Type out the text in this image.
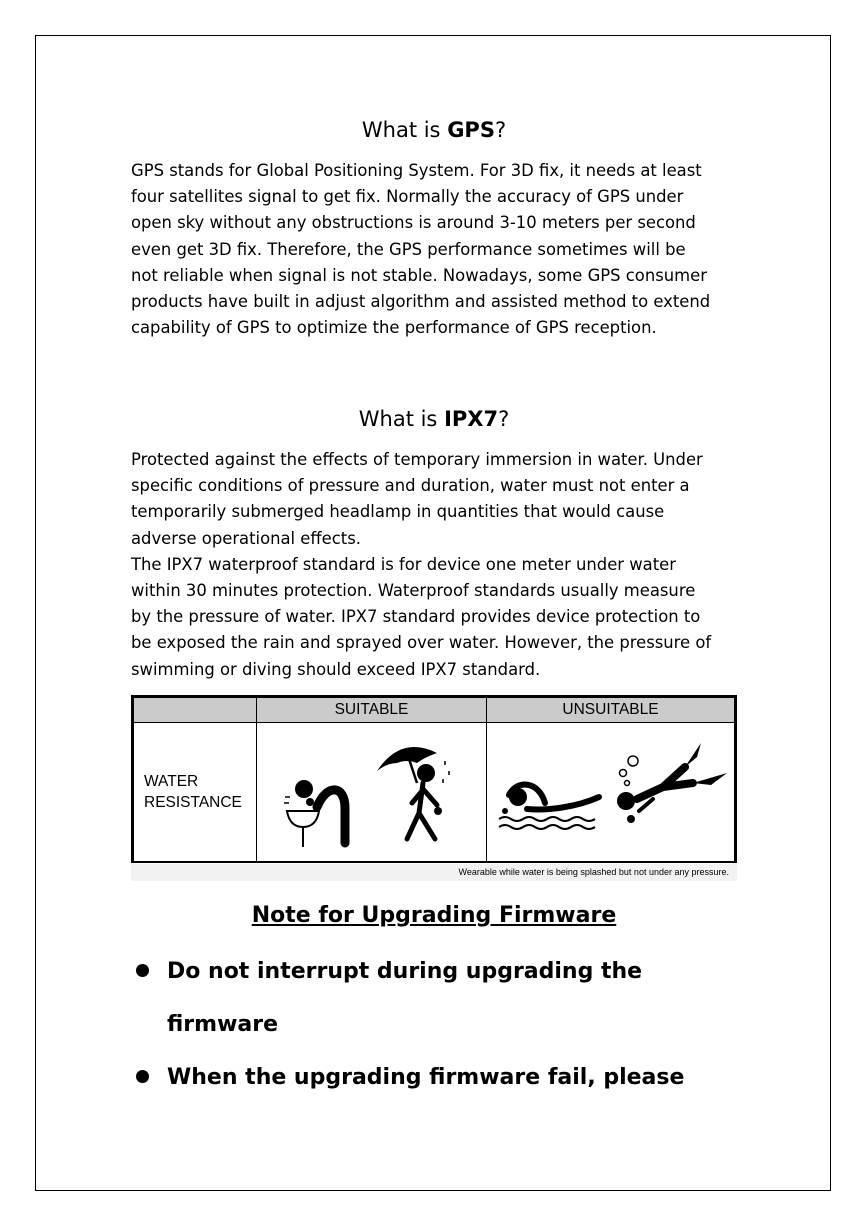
What is GPS?
GPS stands for Global Positioning System. For 3D fix, it needs at least
four satellites signal to get fix. Normally the accuracy of GPS under
open sky without any obstructions is around 3-10 meters per second
even get 3D fix. Therefore, the GPS performance sometimes will be
not reliable when signal is not stable. Nowadays, some GPS consumer
products have built in adjust algorithm and assisted method to extend
capability of GPS to optimize the performance of GPS reception.
What is IPX7?
Protected against the effects of temporary immersion in water. Under
specific conditions of pressure and duration, water must not enter a
temporarily submerged headlamp in quantities that would cause
adverse operational effects.
The IPX7 waterproof standard is for device one meter under water
within 30 minutes protection. Waterproof standards usually measure
by the pressure of water. IPX7 standard provides device protection to
be exposed the rain and sprayed over water. However, the pressure of
swimming or diving should exceed IPX7 standard.
	SUITABLE	UNSUITABLE

WATER
RESISTANCE

Wearable while water is being splashed but not under any pressure.
Note for Upgrading Firmware
Do not interrupt during upgrading the
firmware
When the upgrading firmware fail, please
